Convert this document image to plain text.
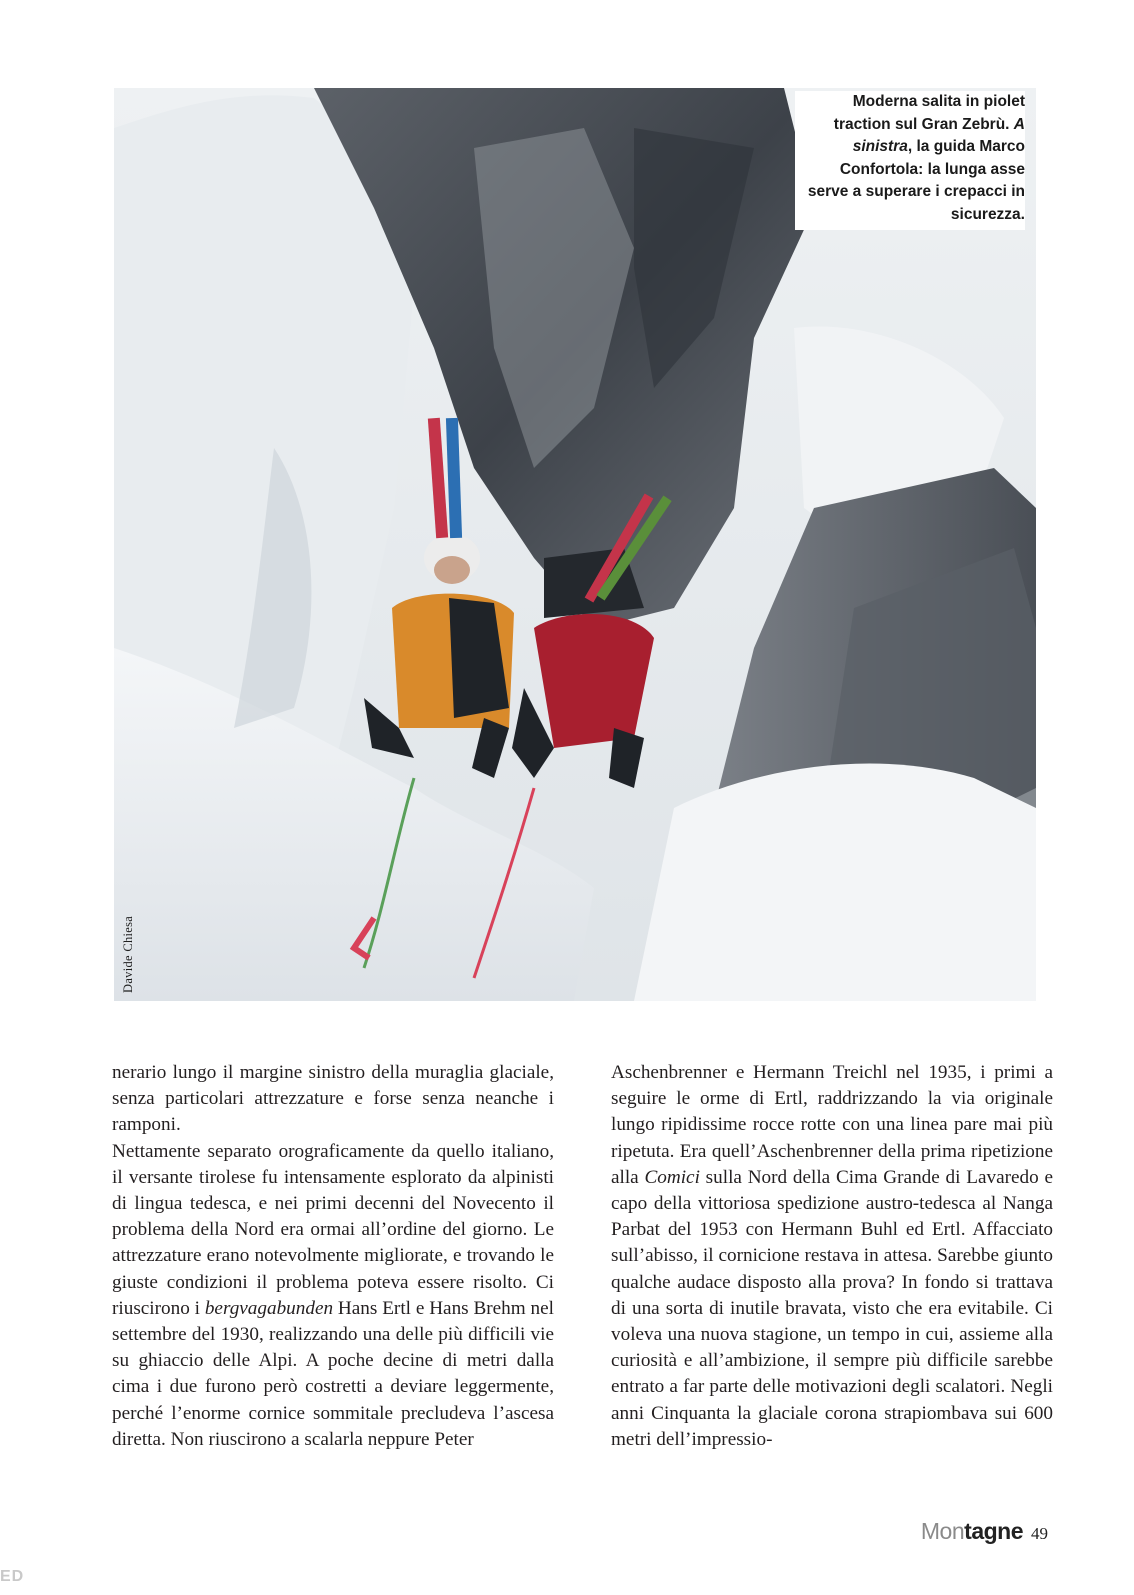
Moderna salita in piolet traction sul Gran Zebrù. A sinistra, la guida Marco Confortola: la lunga asse serve a superare i crepacci in sicurezza.
Davide Chiesa

nerario lungo il margine sinistro della muraglia glaciale, senza particolari attrezzature e forse senza neanche i ramponi.

Nettamente separato orograficamente da quello italiano, il versante tirolese fu intensamente esplorato da alpinisti di lingua tedesca, e nei primi decenni del Novecento il problema della Nord era ormai all’ordine del giorno. Le attrezzature erano notevolmente migliorate, e trovando le giuste condizioni il problema poteva essere risolto. Ci riuscirono i bergvagabunden Hans Ertl e Hans Brehm nel settembre del 1930, realizzando una delle più difficili vie su ghiaccio delle Alpi. A poche decine di metri dalla cima i due furono però costretti a deviare leggermente, perché l’enorme cornice sommitale precludeva l’ascesa diretta. Non riuscirono a scalarla neppure Peter

Aschenbrenner e Hermann Treichl nel 1935, i primi a seguire le orme di Ertl, raddrizzando la via originale lungo ripidissime rocce rotte con una linea pare mai più ripetuta. Era quell’Aschenbrenner della prima ripetizione alla Comici sulla Nord della Cima Grande di Lavaredo e capo della vittoriosa spedizione austro-tedesca al Nanga Parbat del 1953 con Hermann Buhl ed Ertl. Affacciato sull’abisso, il cornicione restava in attesa. Sarebbe giunto qualche audace disposto alla prova? In fondo si trattava di una sorta di inutile bravata, visto che era evitabile. Ci voleva una nuova stagione, un tempo in cui, assieme alla curiosità e all’ambizione, il sempre più difficile sarebbe entrato a far parte delle motivazioni degli scalatori. Negli anni Cinquanta la glaciale corona strapiombava sui 600 metri dell’impressio-

Montagne 49
ED
